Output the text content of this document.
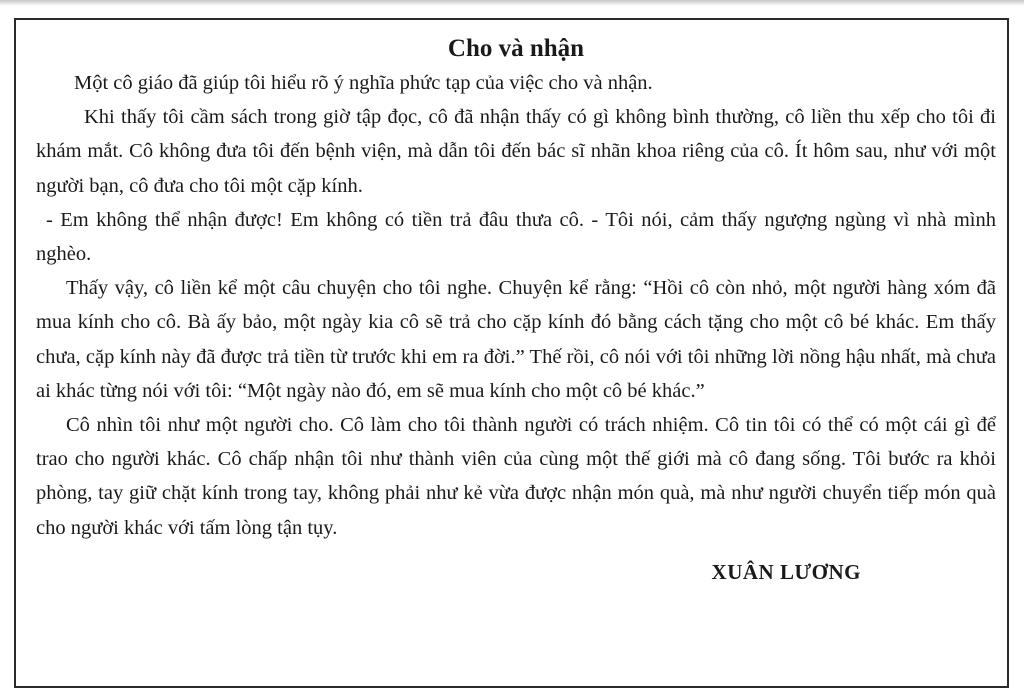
Cho và nhận

Một cô giáo đã giúp tôi hiểu rõ ý nghĩa phức tạp của việc cho và nhận.

Khi thấy tôi cầm sách trong giờ tập đọc, cô đã nhận thấy có gì không bình thường, cô liền thu xếp cho tôi đi khám mắt. Cô không đưa tôi đến bệnh viện, mà dẫn tôi đến bác sĩ nhãn khoa riêng của cô. Ít hôm sau, như với một người bạn, cô đưa cho tôi một cặp kính.

- Em không thể nhận được! Em không có tiền trả đâu thưa cô. - Tôi nói, cảm thấy ngượng ngùng vì nhà mình nghèo.

Thấy vậy, cô liền kể một câu chuyện cho tôi nghe. Chuyện kể rằng: “Hồi cô còn nhỏ, một người hàng xóm đã mua kính cho cô. Bà ấy bảo, một ngày kia cô sẽ trả cho cặp kính đó bằng cách tặng cho một cô bé khác. Em thấy chưa, cặp kính này đã được trả tiền từ trước khi em ra đời.” Thế rồi, cô nói với tôi những lời nồng hậu nhất, mà chưa ai khác từng nói với tôi: “Một ngày nào đó, em sẽ mua kính cho một cô bé khác.”

Cô nhìn tôi như một người cho. Cô làm cho tôi thành người có trách nhiệm. Cô tin tôi có thể có một cái gì để trao cho người khác. Cô chấp nhận tôi như thành viên của cùng một thế giới mà cô đang sống. Tôi bước ra khỏi phòng, tay giữ chặt kính trong tay, không phải như kẻ vừa được nhận món quà, mà như người chuyển tiếp món quà cho người khác với tấm lòng tận tụy.

XUÂN LƯƠNG
